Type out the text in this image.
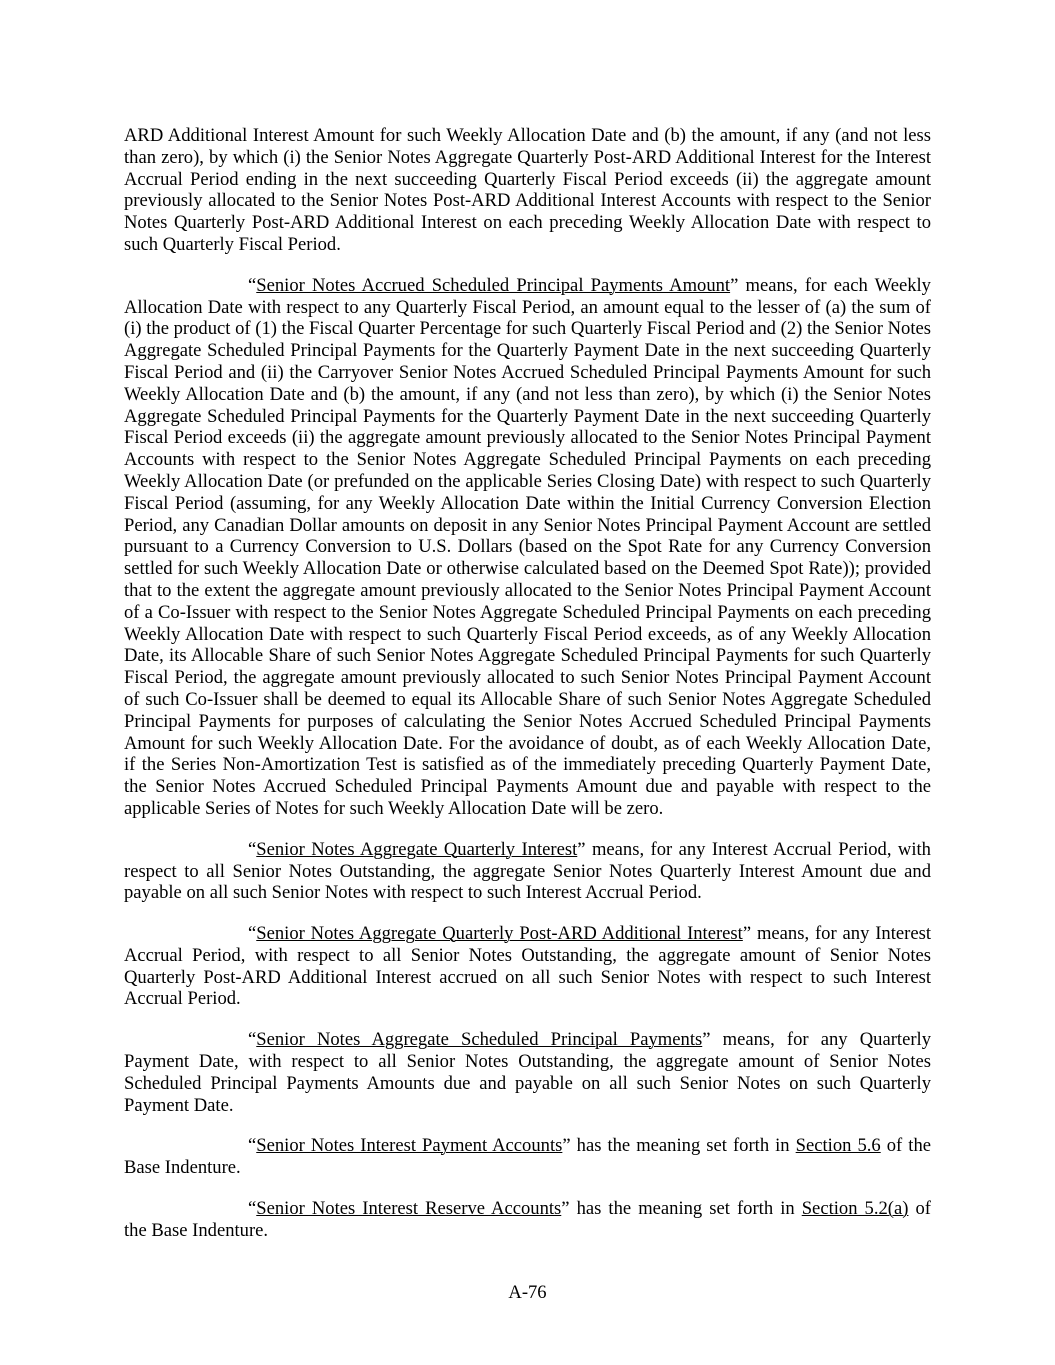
ARD Additional Interest Amount for such Weekly Allocation Date and (b) the amount, if any (and not less
than zero), by which (i) the Senior Notes Aggregate Quarterly Post-ARD Additional Interest for the Interest
Accrual Period ending in the next succeeding Quarterly Fiscal Period exceeds (ii) the aggregate amount
previously allocated to the Senior Notes Post-ARD Additional Interest Accounts with respect to the Senior
Notes Quarterly Post-ARD Additional Interest on each preceding Weekly Allocation Date with respect to
such Quarterly Fiscal Period.
“Senior Notes Accrued Scheduled Principal Payments Amount” means, for each Weekly
Allocation Date with respect to any Quarterly Fiscal Period, an amount equal to the lesser of (a) the sum of
(i) the product of (1) the Fiscal Quarter Percentage for such Quarterly Fiscal Period and (2) the Senior Notes
Aggregate Scheduled Principal Payments for the Quarterly Payment Date in the next succeeding Quarterly
Fiscal Period and (ii) the Carryover Senior Notes Accrued Scheduled Principal Payments Amount for such
Weekly Allocation Date and (b) the amount, if any (and not less than zero), by which (i) the Senior Notes
Aggregate Scheduled Principal Payments for the Quarterly Payment Date in the next succeeding Quarterly
Fiscal Period exceeds (ii) the aggregate amount previously allocated to the Senior Notes Principal Payment
Accounts with respect to the Senior Notes Aggregate Scheduled Principal Payments on each preceding
Weekly Allocation Date (or prefunded on the applicable Series Closing Date) with respect to such Quarterly
Fiscal Period (assuming, for any Weekly Allocation Date within the Initial Currency Conversion Election
Period, any Canadian Dollar amounts on deposit in any Senior Notes Principal Payment Account are settled
pursuant to a Currency Conversion to U.S. Dollars (based on the Spot Rate for any Currency Conversion
settled for such Weekly Allocation Date or otherwise calculated based on the Deemed Spot Rate)); provided
that to the extent the aggregate amount previously allocated to the Senior Notes Principal Payment Account
of a Co-Issuer with respect to the Senior Notes Aggregate Scheduled Principal Payments on each preceding
Weekly Allocation Date with respect to such Quarterly Fiscal Period exceeds, as of any Weekly Allocation
Date, its Allocable Share of such Senior Notes Aggregate Scheduled Principal Payments for such Quarterly
Fiscal Period, the aggregate amount previously allocated to such Senior Notes Principal Payment Account
of such Co-Issuer shall be deemed to equal its Allocable Share of such Senior Notes Aggregate Scheduled
Principal Payments for purposes of calculating the Senior Notes Accrued Scheduled Principal Payments
Amount for such Weekly Allocation Date. For the avoidance of doubt, as of each Weekly Allocation Date,
if the Series Non-Amortization Test is satisfied as of the immediately preceding Quarterly Payment Date,
the Senior Notes Accrued Scheduled Principal Payments Amount due and payable with respect to the
applicable Series of Notes for such Weekly Allocation Date will be zero.
“Senior Notes Aggregate Quarterly Interest” means, for any Interest Accrual Period, with
respect to all Senior Notes Outstanding, the aggregate Senior Notes Quarterly Interest Amount due and
payable on all such Senior Notes with respect to such Interest Accrual Period.
“Senior Notes Aggregate Quarterly Post-ARD Additional Interest” means, for any Interest
Accrual Period, with respect to all Senior Notes Outstanding, the aggregate amount of Senior Notes
Quarterly Post-ARD Additional Interest accrued on all such Senior Notes with respect to such Interest
Accrual Period.
“Senior Notes Aggregate Scheduled Principal Payments” means, for any Quarterly
Payment Date, with respect to all Senior Notes Outstanding, the aggregate amount of Senior Notes
Scheduled Principal Payments Amounts due and payable on all such Senior Notes on such Quarterly
Payment Date.
“Senior Notes Interest Payment Accounts” has the meaning set forth in Section 5.6 of the
Base Indenture.
“Senior Notes Interest Reserve Accounts” has the meaning set forth in Section 5.2(a) of
the Base Indenture.
A-76
